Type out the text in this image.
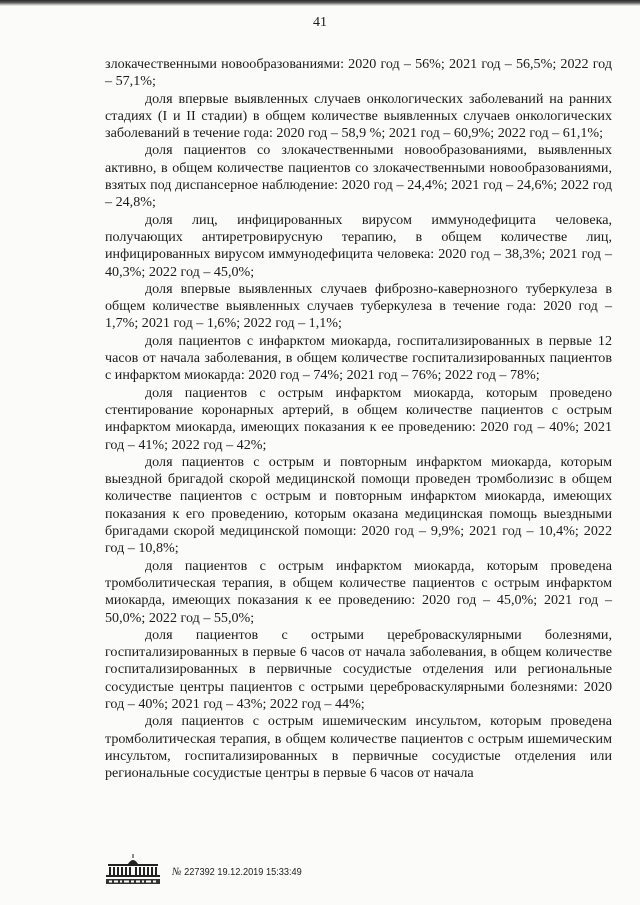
41

злокачественными новообразованиями: 2020 год – 56%; 2021 год – 56,5%; 2022 год – 57,1%;

доля впервые выявленных случаев онкологических заболеваний на ранних стадиях (I и II стадии) в общем количестве выявленных случаев онкологических заболеваний в течение года: 2020 год – 58,9 %; 2021 год – 60,9%; 2022 год – 61,1%;

доля пациентов со злокачественными новообразованиями, выявленных активно, в общем количестве пациентов со злокачественными новообразованиями, взятых под диспансерное наблюдение: 2020 год – 24,4%; 2021 год – 24,6%; 2022 год – 24,8%;

доля лиц, инфицированных вирусом иммунодефицита человека, получающих антиретровирусную терапию, в общем количестве лиц, инфицированных вирусом иммунодефицита человека: 2020 год – 38,3%; 2021 год – 40,3%; 2022 год – 45,0%;

доля впервые выявленных случаев фиброзно-кавернозного туберкулеза в общем количестве выявленных случаев туберкулеза в течение года: 2020 год – 1,7%; 2021 год – 1,6%; 2022 год – 1,1%;

доля пациентов с инфарктом миокарда, госпитализированных в первые 12 часов от начала заболевания, в общем количестве госпитализированных пациентов с инфарктом миокарда: 2020 год – 74%; 2021 год – 76%; 2022 год – 78%;

доля пациентов с острым инфарктом миокарда, которым проведено стентирование коронарных артерий, в общем количестве пациентов с острым инфарктом миокарда, имеющих показания к ее проведению: 2020 год – 40%; 2021 год – 41%; 2022 год – 42%;

доля пациентов с острым и повторным инфарктом миокарда, которым выездной бригадой скорой медицинской помощи проведен тромболизис в общем количестве пациентов с острым и повторным инфарктом миокарда, имеющих показания к его проведению, которым оказана медицинская помощь выездными бригадами скорой медицинской помощи: 2020 год – 9,9%; 2021 год – 10,4%; 2022 год – 10,8%;

доля пациентов с острым инфарктом миокарда, которым проведена тромболитическая терапия, в общем количестве пациентов с острым инфарктом миокарда, имеющих показания к ее проведению: 2020 год – 45,0%; 2021 год – 50,0%; 2022 год – 55,0%;

доля пациентов с острыми цереброваскулярными болезнями, госпитализированных в первые 6 часов от начала заболевания, в общем количестве госпитализированных в первичные сосудистые отделения или региональные сосудистые центры пациентов с острыми цереброваскулярными болезнями: 2020 год – 40%; 2021 год – 43%; 2022 год – 44%;

доля пациентов с острым ишемическим инсультом, которым проведена тромболитическая терапия, в общем количестве пациентов с острым ишемическим инсультом, госпитализированных в первичные сосудистые отделения или региональные сосудистые центры в первые 6 часов от начала

№ 227392 19.12.2019 15:33:49
